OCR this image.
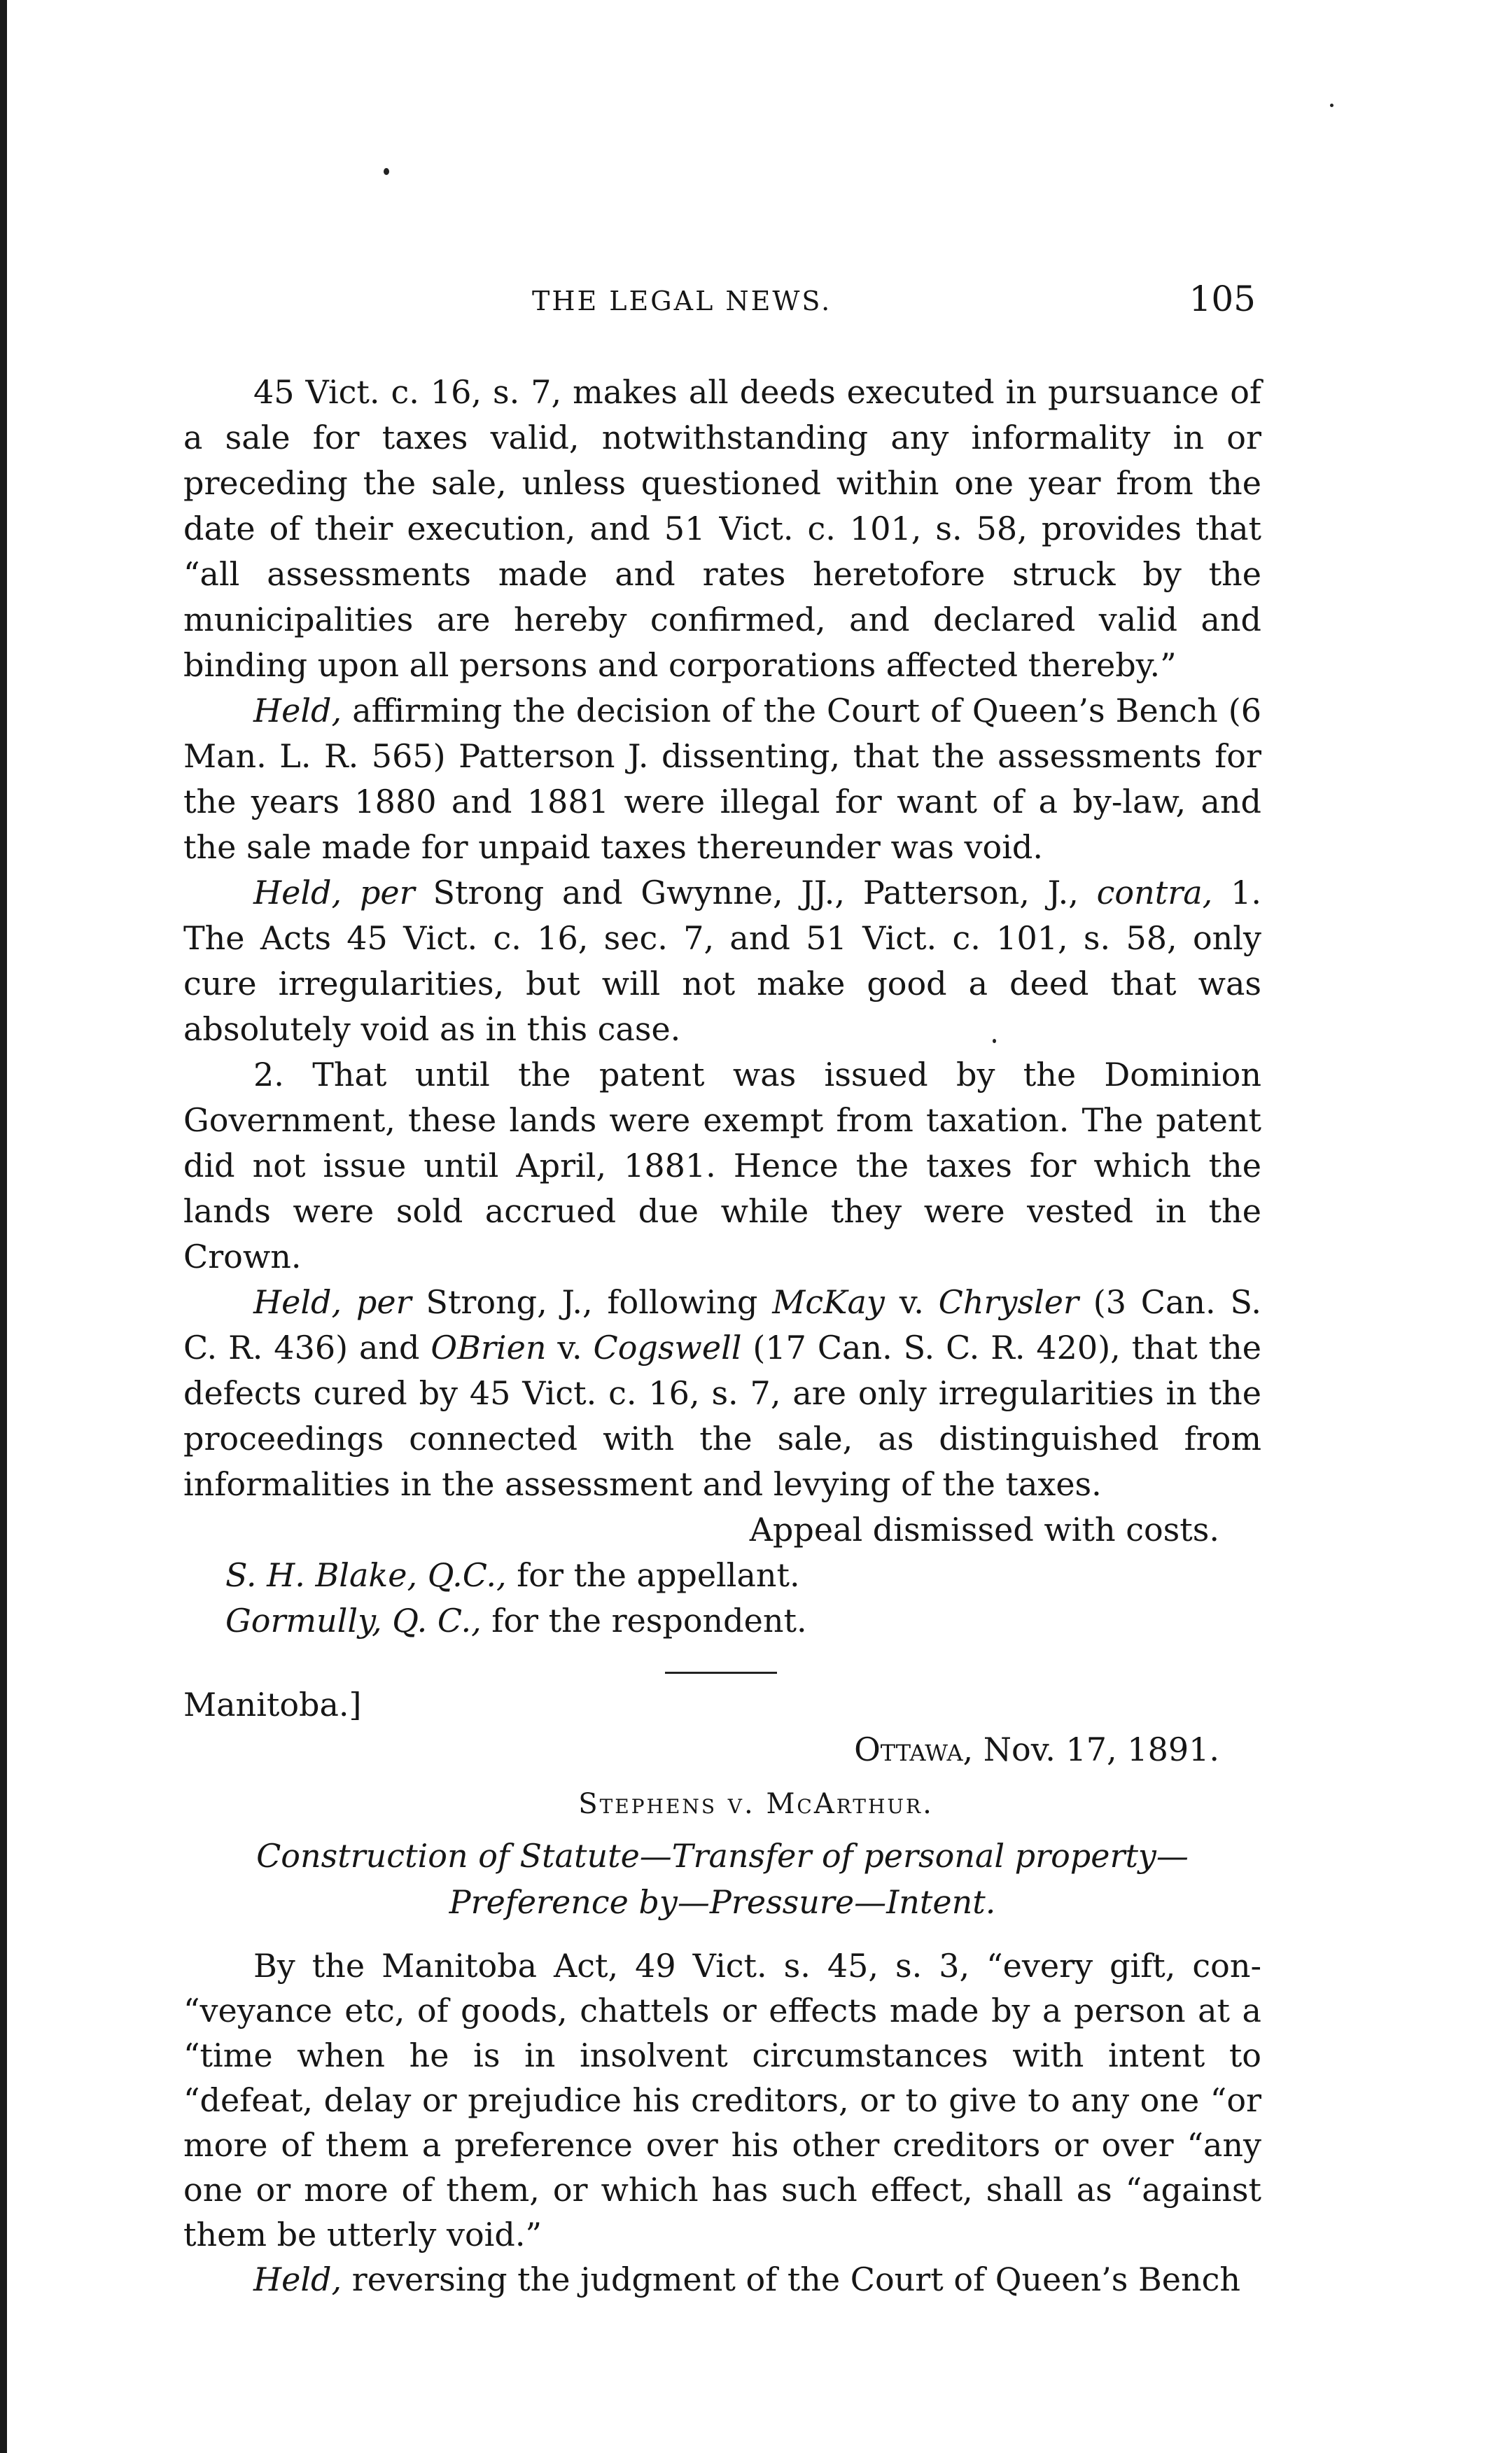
THE LEGAL NEWS.	105

45 Vict. c. 16, s. 7, makes all deeds executed in pursuance of a sale for taxes valid, notwithstanding any informality in or preceding the sale, unless questioned within one year from the date of their execution, and 51 Vict. c. 101, s. 58, provides that “all assessments made and rates heretofore struck by the municipalities are hereby confirmed, and declared valid and binding upon all persons and corporations affected thereby.”

Held, affirming the decision of the Court of Queen’s Bench (6 Man. L. R. 565) Patterson J. dissenting, that the assessments for the years 1880 and 1881 were illegal for want of a by-law, and the sale made for unpaid taxes thereunder was void.

Held, per Strong and Gwynne, JJ., Patterson, J., contra, 1. The Acts 45 Vict. c. 16, sec. 7, and 51 Vict. c. 101, s. 58, only cure irregularities, but will not make good a deed that was absolutely void as in this case.

2. That until the patent was issued by the Dominion Government, these lands were exempt from taxation. The patent did not issue until April, 1881. Hence the taxes for which the lands were sold accrued due while they were vested in the Crown.

Held, per Strong, J., following McKay v. Chrysler (3 Can. S. C. R. 436) and OBrien v. Cogswell (17 Can. S. C. R. 420), that the defects cured by 45 Vict. c. 16, s. 7, are only irregularities in the proceedings connected with the sale, as distinguished from informalities in the assessment and levying of the taxes.

Appeal dismissed with costs.

S. H. Blake, Q.C., for the appellant.

Gormully, Q. C., for the respondent.

Manitoba.]
Ottawa, Nov. 17, 1891.
Stephens v. McArthur.
Construction of Statute—Transfer of personal property—Preference by—Pressure—Intent.

By the Manitoba Act, 49 Vict. s. 45, s. 3, “every gift, con- “veyance etc, of goods, chattels or effects made by a person at a “time when he is in insolvent circumstances with intent to “defeat, delay or prejudice his creditors, or to give to any one “or more of them a preference over his other creditors or over “any one or more of them, or which has such effect, shall as “against them be utterly void.”

Held, reversing the judgment of the Court of Queen’s Bench
